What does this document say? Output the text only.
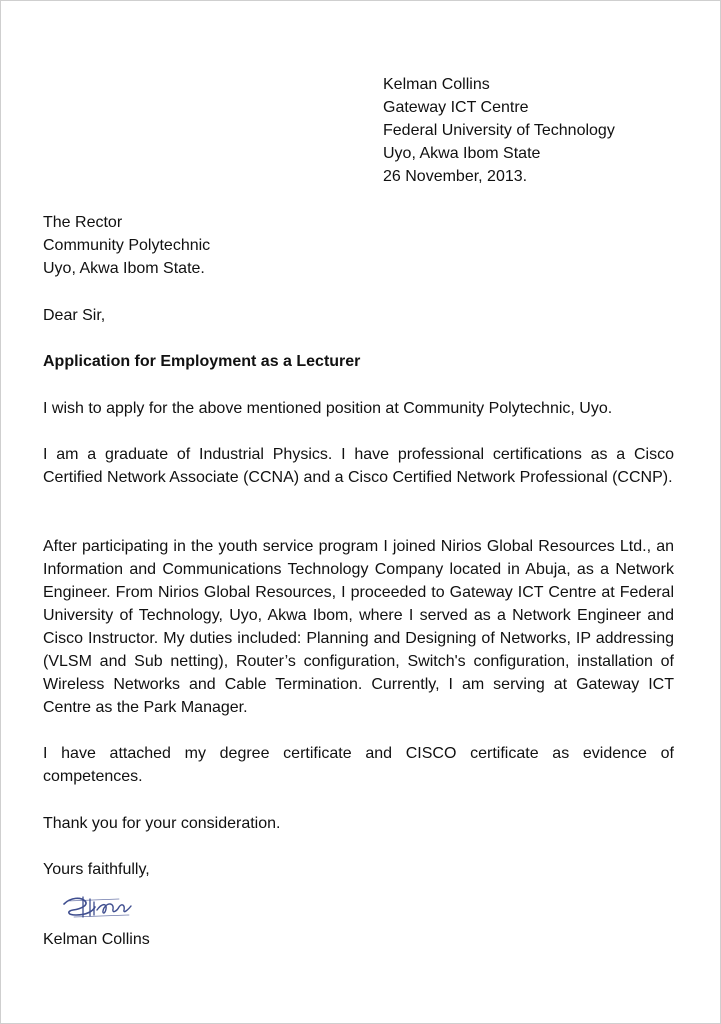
Kelman Collins
Gateway ICT Centre
Federal University of Technology
Uyo, Akwa Ibom State
26 November, 2013.
The Rector
Community Polytechnic
Uyo, Akwa Ibom State.
Dear Sir,
Application for Employment as a Lecturer

I wish to apply for the above mentioned position at Community Polytechnic, Uyo.

I am a graduate of Industrial Physics. I have professional certifications as a Cisco Certified Network Associate (CCNA) and a Cisco Certified Network Professional (CCNP).

After participating in the youth service program I joined Nirios Global Resources Ltd., an Information and Communications Technology Company located in Abuja, as a Network Engineer. From Nirios Global Resources, I proceeded to Gateway ICT Centre at Federal University of Technology, Uyo, Akwa Ibom, where I served as a Network Engineer and Cisco Instructor. My duties included: Planning and Designing of Networks, IP addressing (VLSM and Sub netting), Router’s configuration, Switch's configuration, installation of Wireless Networks and Cable Termination. Currently, I am serving at Gateway ICT Centre as the Park Manager.

I have attached my degree certificate and CISCO certificate as evidence of competences.

Thank you for your consideration.
Yours faithfully,
Kelman Collins
